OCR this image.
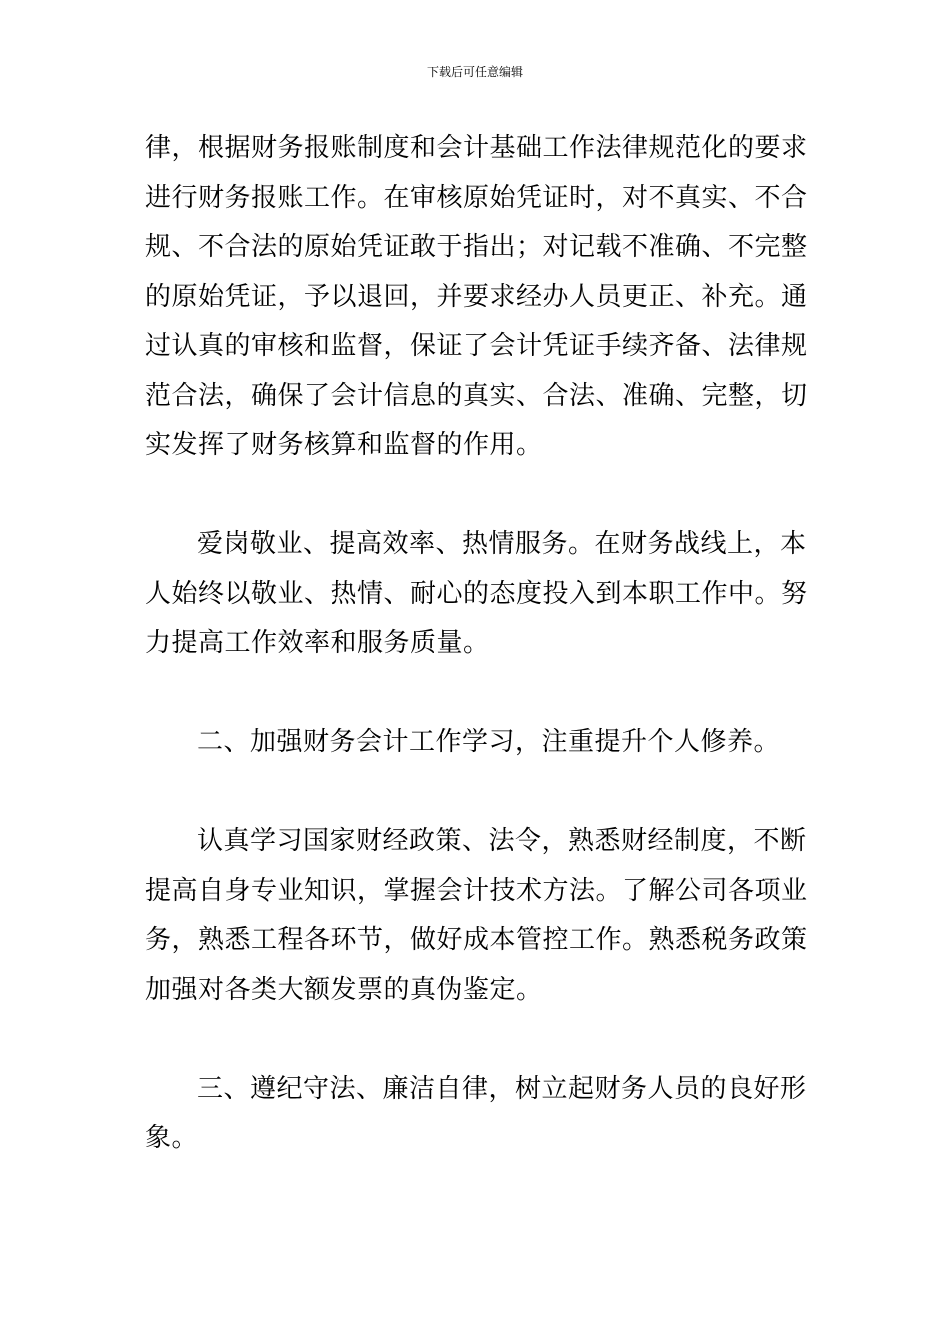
下载后可任意编辑

律，根据财务报账制度和会计基础工作法律规范化的要求
进行财务报账工作。在审核原始凭证时，对不真实、不合
规、不合法的原始凭证敢于指出；对记载不准确、不完整
的原始凭证，予以退回，并要求经办人员更正、补充。通
过认真的审核和监督，保证了会计凭证手续齐备、法律规
范合法，确保了会计信息的真实、合法、准确、完整，切
实发挥了财务核算和监督的作用。

爱岗敬业、提高效率、热情服务。在财务战线上，本
人始终以敬业、热情、耐心的态度投入到本职工作中。努
力提高工作效率和服务质量。

二、加强财务会计工作学习，注重提升个人修养。

认真学习国家财经政策、法令，熟悉财经制度，不断
提高自身专业知识，掌握会计技术方法。了解公司各项业
务，熟悉工程各环节，做好成本管控工作。熟悉税务政策
加强对各类大额发票的真伪鉴定。

三、遵纪守法、廉洁自律，树立起财务人员的良好形
象。
